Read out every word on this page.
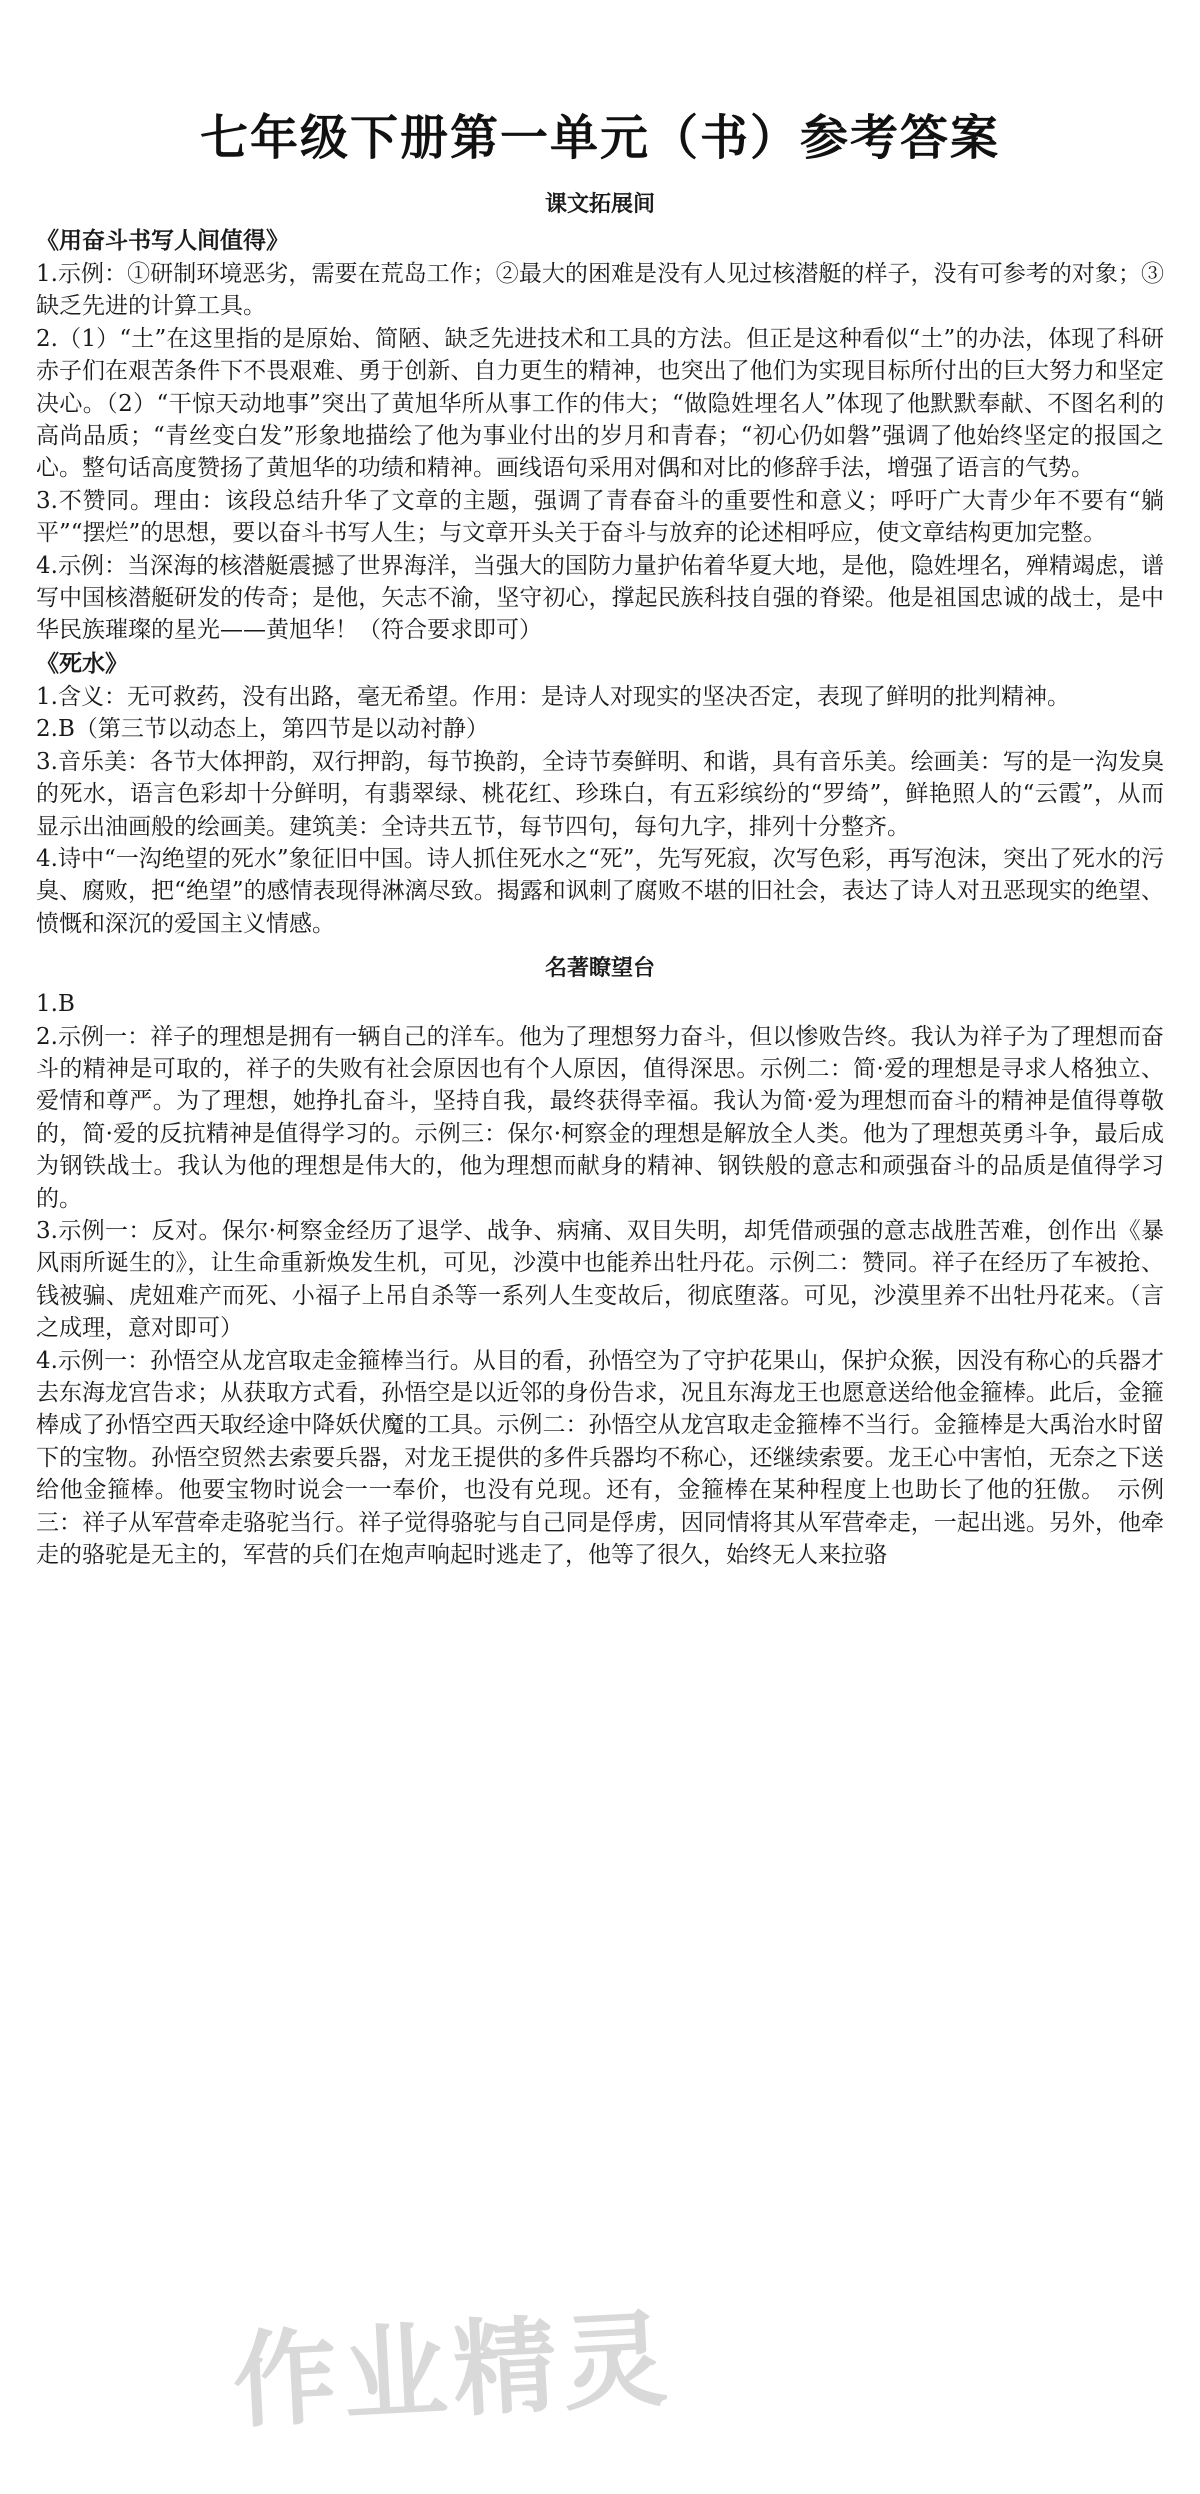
七年级下册第一单元（书）参考答案
课文拓展间
《用奋斗书写人间值得》

1.示例：①研制环境恶劣，需要在荒岛工作；②最大的困难是没有人见过核潜艇的样子，没有可参考的对象；③缺乏先进的计算工具。

2.（1）“土”在这里指的是原始、简陋、缺乏先进技术和工具的方法。但正是这种看似“土”的办法，体现了科研赤子们在艰苦条件下不畏艰难、勇于创新、自力更生的精神，也突出了他们为实现目标所付出的巨大努力和坚定决心。（2）“干惊天动地事”突出了黄旭华所从事工作的伟大；“做隐姓埋名人”体现了他默默奉献、不图名利的高尚品质；“青丝变白发”形象地描绘了他为事业付出的岁月和青春；“初心仍如磐”强调了他始终坚定的报国之心。整句话高度赞扬了黄旭华的功绩和精神。画线语句采用对偶和对比的修辞手法，增强了语言的气势。

3.不赞同。理由：该段总结升华了文章的主题，强调了青春奋斗的重要性和意义；呼吁广大青少年不要有“躺平”“摆烂”的思想，要以奋斗书写人生；与文章开头关于奋斗与放弃的论述相呼应，使文章结构更加完整。

4.示例：当深海的核潜艇震撼了世界海洋，当强大的国防力量护佑着华夏大地，是他，隐姓埋名，殚精竭虑，谱写中国核潜艇研发的传奇；是他，矢志不渝，坚守初心，撑起民族科技自强的脊梁。他是祖国忠诚的战士，是中华民族璀璨的星光——黄旭华！（符合要求即可）

《死水》

1.含义：无可救药，没有出路，毫无希望。作用：是诗人对现实的坚决否定，表现了鲜明的批判精神。

2.B（第三节以动态上，第四节是以动衬静）

3.音乐美：各节大体押韵，双行押韵，每节换韵，全诗节奏鲜明、和谐，具有音乐美。绘画美：写的是一沟发臭的死水，语言色彩却十分鲜明，有翡翠绿、桃花红、珍珠白，有五彩缤纷的“罗绮”，鲜艳照人的“云霞”，从而显示出油画般的绘画美。建筑美：全诗共五节，每节四句，每句九字，排列十分整齐。

4.诗中“一沟绝望的死水”象征旧中国。诗人抓住死水之“死”，先写死寂，次写色彩，再写泡沫，突出了死水的污臭、腐败，把“绝望”的感情表现得淋漓尽致。揭露和讽刺了腐败不堪的旧社会，表达了诗人对丑恶现实的绝望、愤慨和深沉的爱国主义情感。

名著瞭望台

1.B

2.示例一：祥子的理想是拥有一辆自己的洋车。他为了理想努力奋斗，但以惨败告终。我认为祥子为了理想而奋斗的精神是可取的，祥子的失败有社会原因也有个人原因，值得深思。示例二：简·爱的理想是寻求人格独立、爱情和尊严。为了理想，她挣扎奋斗，坚持自我，最终获得幸福。我认为简·爱为理想而奋斗的精神是值得尊敬的，简·爱的反抗精神是值得学习的。示例三：保尔·柯察金的理想是解放全人类。他为了理想英勇斗争，最后成为钢铁战士。我认为他的理想是伟大的，他为理想而献身的精神、钢铁般的意志和顽强奋斗的品质是值得学习的。

3.示例一：反对。保尔·柯察金经历了退学、战争、病痛、双目失明，却凭借顽强的意志战胜苦难，创作出《暴风雨所诞生的》，让生命重新焕发生机，可见，沙漠中也能养出牡丹花。示例二：赞同。祥子在经历了车被抢、钱被骗、虎妞难产而死、小福子上吊自杀等一系列人生变故后，彻底堕落。可见，沙漠里养不出牡丹花来。（言之成理，意对即可）

4.示例一：孙悟空从龙宫取走金箍棒当行。从目的看，孙悟空为了守护花果山，保护众猴，因没有称心的兵器才去东海龙宫告求；从获取方式看，孙悟空是以近邻的身份告求，况且东海龙王也愿意送给他金箍棒。此后，金箍棒成了孙悟空西天取经途中降妖伏魔的工具。示例二：孙悟空从龙宫取走金箍棒不当行。金箍棒是大禹治水时留下的宝物。孙悟空贸然去索要兵器，对龙王提供的多件兵器均不称心，还继续索要。龙王心中害怕，无奈之下送给他金箍棒。他要宝物时说会一一奉价，也没有兑现。还有，金箍棒在某种程度上也助长了他的狂傲。　示例三：祥子从军营牵走骆驼当行。祥子觉得骆驼与自己同是俘虏，因同情将其从军营牵走，一起出逃。另外，他牵走的骆驼是无主的，军营的兵们在炮声响起时逃走了，他等了很久，始终无人来拉骆

作业精灵
